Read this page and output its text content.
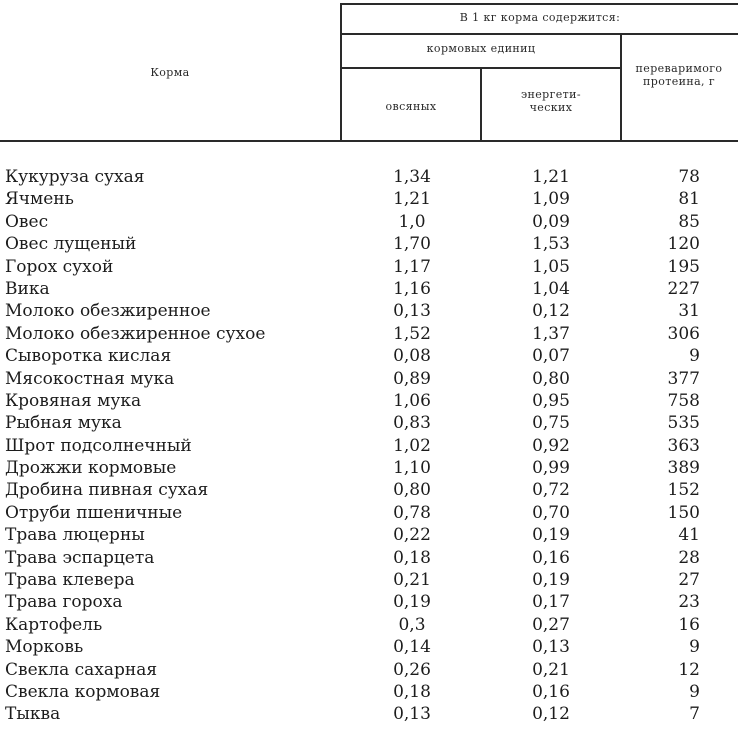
В 1 кг корма содержится:
Корма
кормовых единиц
овсяных
энергети-
ческих
переваримого протеина, г
Кукуруза сухая	1,34	1,21	78
Ячмень	1,21	1,09	81
Овес	1,0	0,09	85
Овес лущеный	1,70	1,53	120
Горох сухой	1,17	1,05	195
Вика	1,16	1,04	227
Молоко обезжиренное	0,13	0,12	31
Молоко обезжиренное сухое	1,52	1,37	306
Сыворотка кислая	0,08	0,07	9
Мясокостная мука	0,89	0,80	377
Кровяная мука	1,06	0,95	758
Рыбная мука	0,83	0,75	535
Шрот подсолнечный	1,02	0,92	363
Дрожжи кормовые	1,10	0,99	389
Дробина пивная сухая	0,80	0,72	152
Отруби пшеничные	0,78	0,70	150
Трава люцерны	0,22	0,19	41
Трава эспарцета	0,18	0,16	28
Трава клевера	0,21	0,19	27
Трава гороха	0,19	0,17	23
Картофель	0,3	0,27	16
Морковь	0,14	0,13	9
Свекла сахарная	0,26	0,21	12
Свекла кормовая	0,18	0,16	9
Тыква	0,13	0,12	7
